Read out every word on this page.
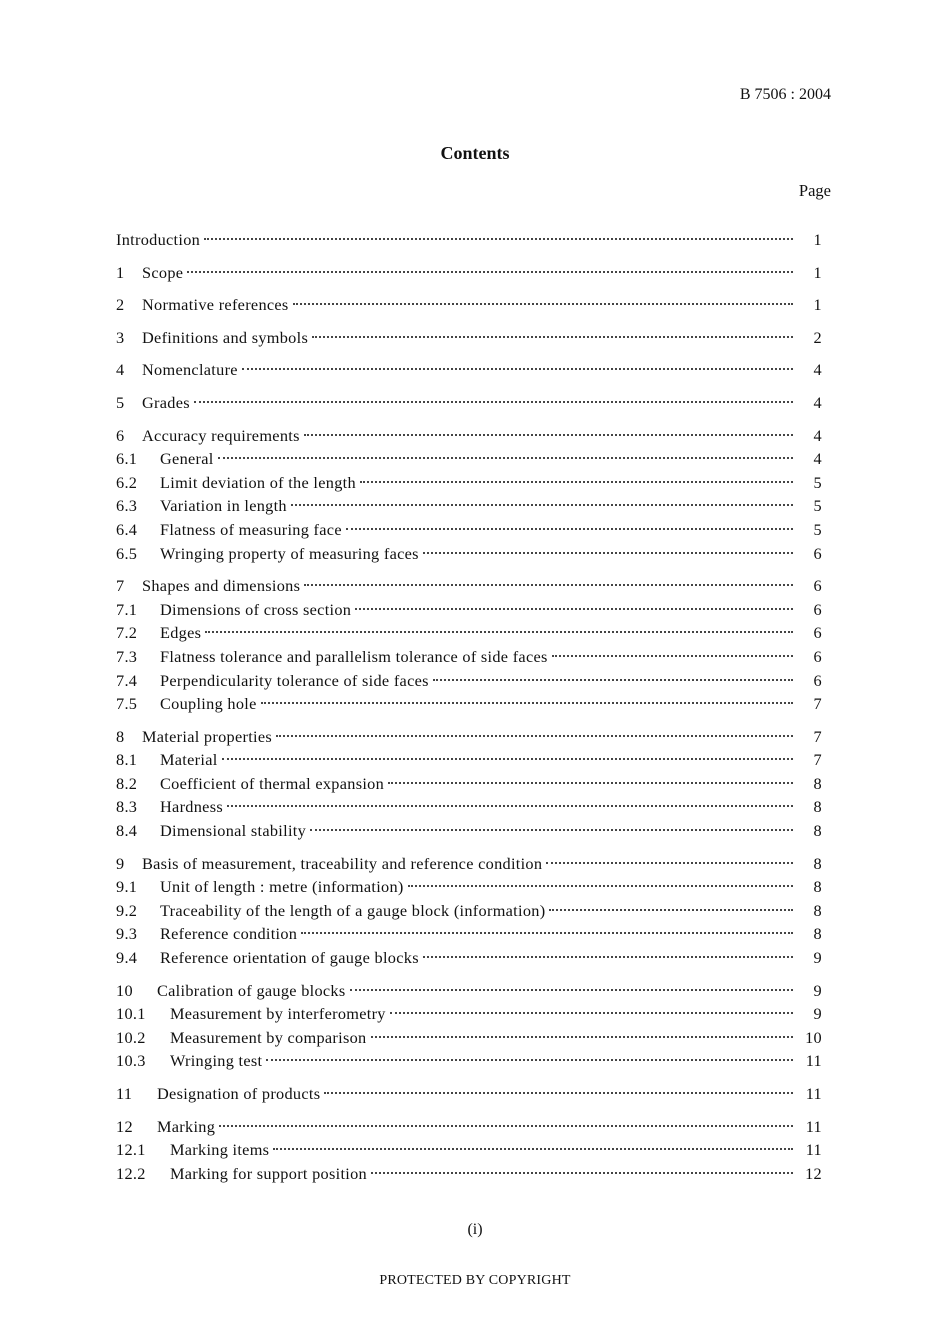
B 7506 : 2004
Contents
Page
Introduction	1
1	Scope	1
2	Normative references	1
3	Definitions and symbols	2
4	Nomenclature	4
5	Grades	4
6	Accuracy requirements	4
6.1	General	4
6.2	Limit deviation of the length	5
6.3	Variation in length	5
6.4	Flatness of measuring face	5
6.5	Wringing property of measuring faces	6
7	Shapes and dimensions	6
7.1	Dimensions of cross section	6
7.2	Edges	6
7.3	Flatness tolerance and parallelism tolerance of side faces	6
7.4	Perpendicularity tolerance of side faces	6
7.5	Coupling hole	7
8	Material properties	7
8.1	Material	7
8.2	Coefficient of thermal expansion	8
8.3	Hardness	8
8.4	Dimensional stability	8
9	Basis of measurement, traceability and reference condition	8
9.1	Unit of length : metre (information)	8
9.2	Traceability of the length of a gauge block (information)	8
9.3	Reference condition	8
9.4	Reference orientation of gauge blocks	9
10	Calibration of gauge blocks	9
10.1	Measurement by interferometry	9
10.2	Measurement by comparison	10
10.3	Wringing test	11
11	Designation of products	11
12	Marking	11
12.1	Marking items	11
12.2	Marking for support position	12
(i)
PROTECTED BY COPYRIGHT
